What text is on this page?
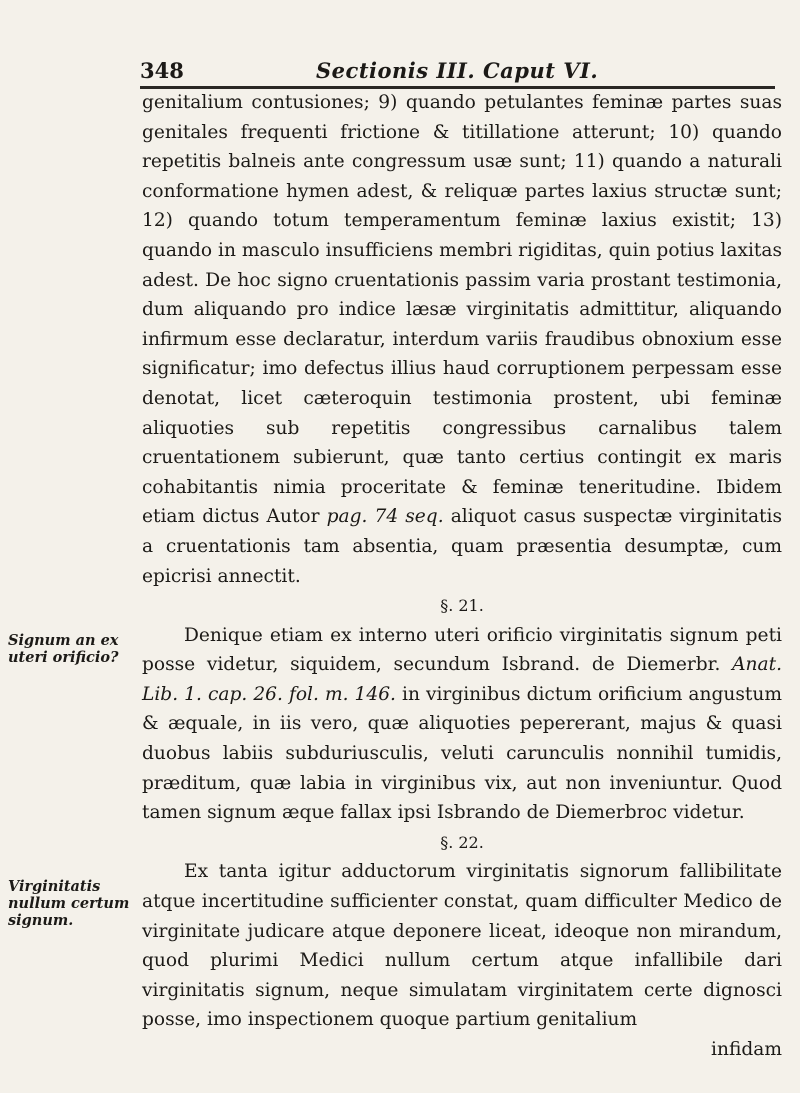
348	Sectionis III. Caput VI.
Signum an ex uteri orificio?
Virginitatis nullum certum signum.

genitalium contusiones; 9) quando petulantes feminæ partes suas genitales frequenti frictione & titillatione atterunt; 10) quando repetitis balneis ante congressum usæ sunt; 11) quando a naturali conformatione hymen adest, & reliquæ partes laxius structæ sunt; 12) quando totum temperamentum feminæ laxius existit; 13) quando in masculo insufficiens membri rigiditas, quin potius laxitas adest. De hoc signo cruentationis passim varia prostant testimonia, dum aliquando pro indice læsæ virginitatis admittitur, aliquando infirmum esse declaratur, interdum variis fraudibus obnoxium esse significatur; imo defectus illius haud corruptionem perpessam esse denotat, licet cæteroquin testimonia prostent, ubi feminæ aliquoties sub repetitis congressibus carnalibus talem cruentationem subierunt, quæ tanto certius contingit ex maris cohabitantis nimia proceritate & feminæ teneritudine. Ibidem etiam dictus Autor pag. 74 seq. aliquot casus suspectæ virginitatis a cruentationis tam absentia, quam præsentia desumptæ, cum epicrisi annectit.

§. 21.

Denique etiam ex interno uteri orificio virginitatis signum peti posse videtur, siquidem, secundum Isbrand. de Diemerbr. Anat. Lib. 1. cap. 26. fol. m. 146. in virginibus dictum orificium angustum & æquale, in iis vero, quæ aliquoties pepererant, majus & quasi duobus labiis subduriusculis, veluti carunculis nonnihil tumidis, præditum, quæ labia in virginibus vix, aut non inveniuntur. Quod tamen signum æque fallax ipsi Isbrando de Diemerbroc videtur.

§. 22.

Ex tanta igitur adductorum virginitatis signorum fallibilitate atque incertitudine sufficienter constat, quam difficulter Medico de virginitate judicare atque deponere liceat, ideoque non mirandum, quod plurimi Medici nullum certum atque infallibile dari virginitatis signum, neque simulatam virginitatem certe dignosci posse, imo inspectionem quoque partium genitalium

infidam
